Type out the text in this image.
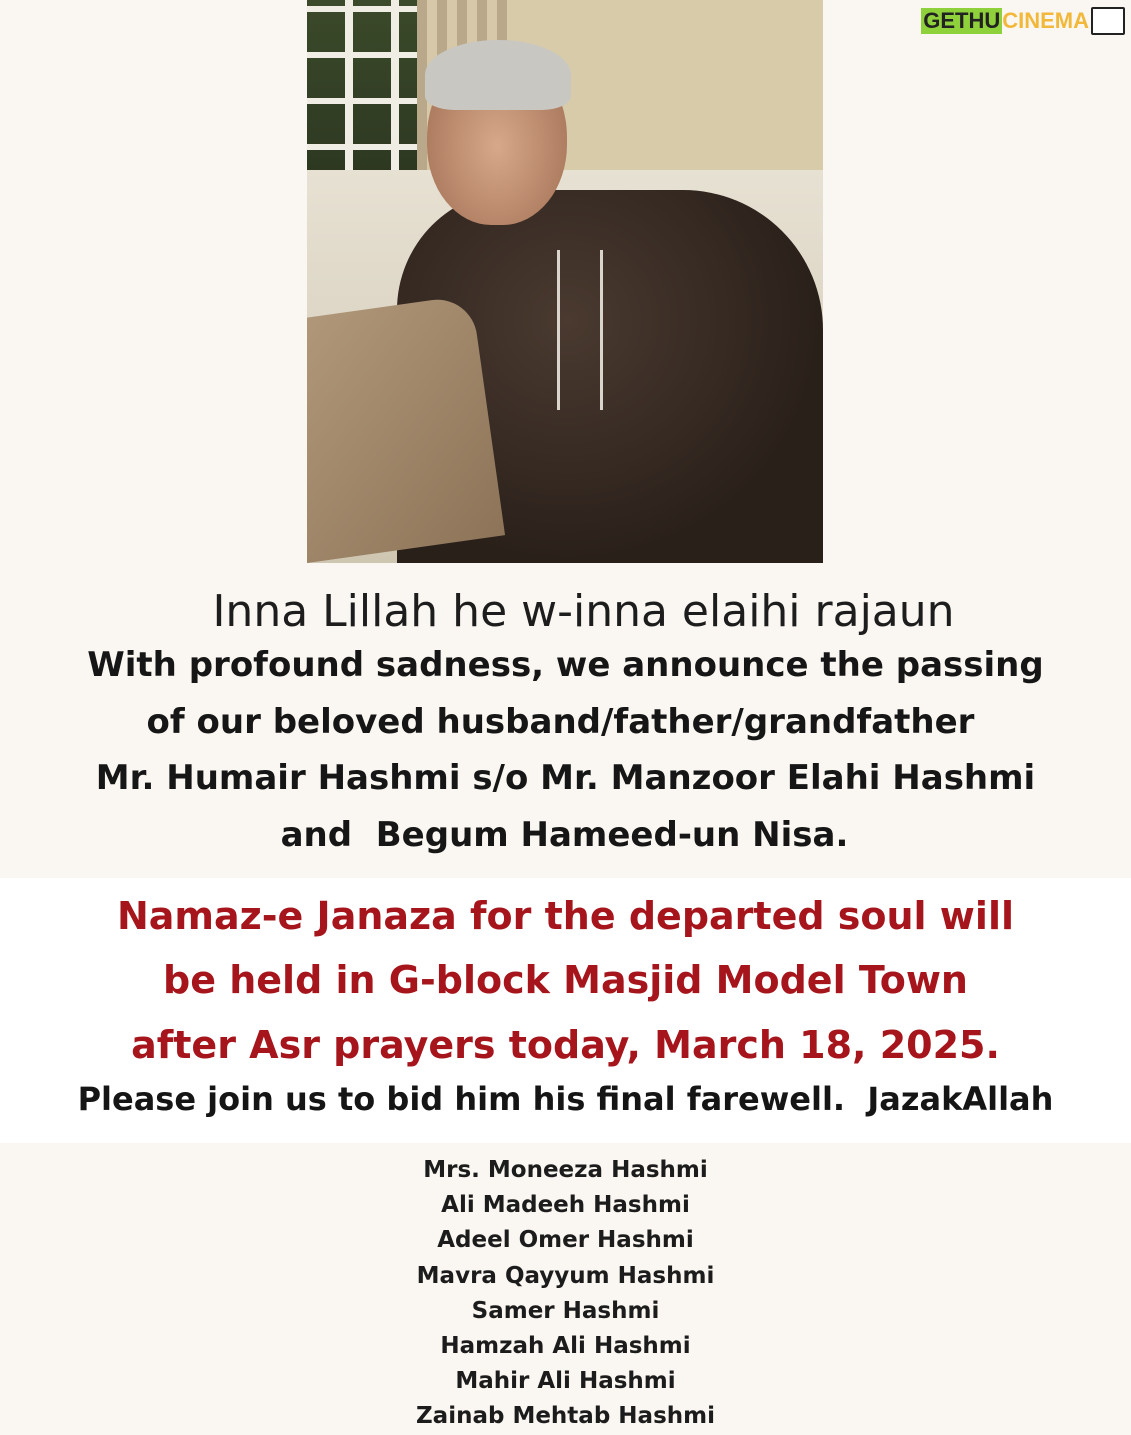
GETHU CINEMA
Inna Lillah he w-inna elaihi rajaun
With profound sadness, we announce the passing
of our beloved husband/father/grandfather
Mr. Humair Hashmi s/o Mr. Manzoor Elahi Hashmi
and  Begum Hameed-un Nisa.
Namaz-e Janaza for the departed soul will
be held in G-block Masjid Model Town
after Asr prayers today, March 18, 2025.
Please join us to bid him his final farewell.  JazakAllah
Mrs. Moneeza Hashmi
Ali Madeeh Hashmi
Adeel Omer Hashmi
Mavra Qayyum Hashmi
Samer Hashmi
Hamzah Ali Hashmi
Mahir Ali Hashmi
Zainab Mehtab Hashmi
